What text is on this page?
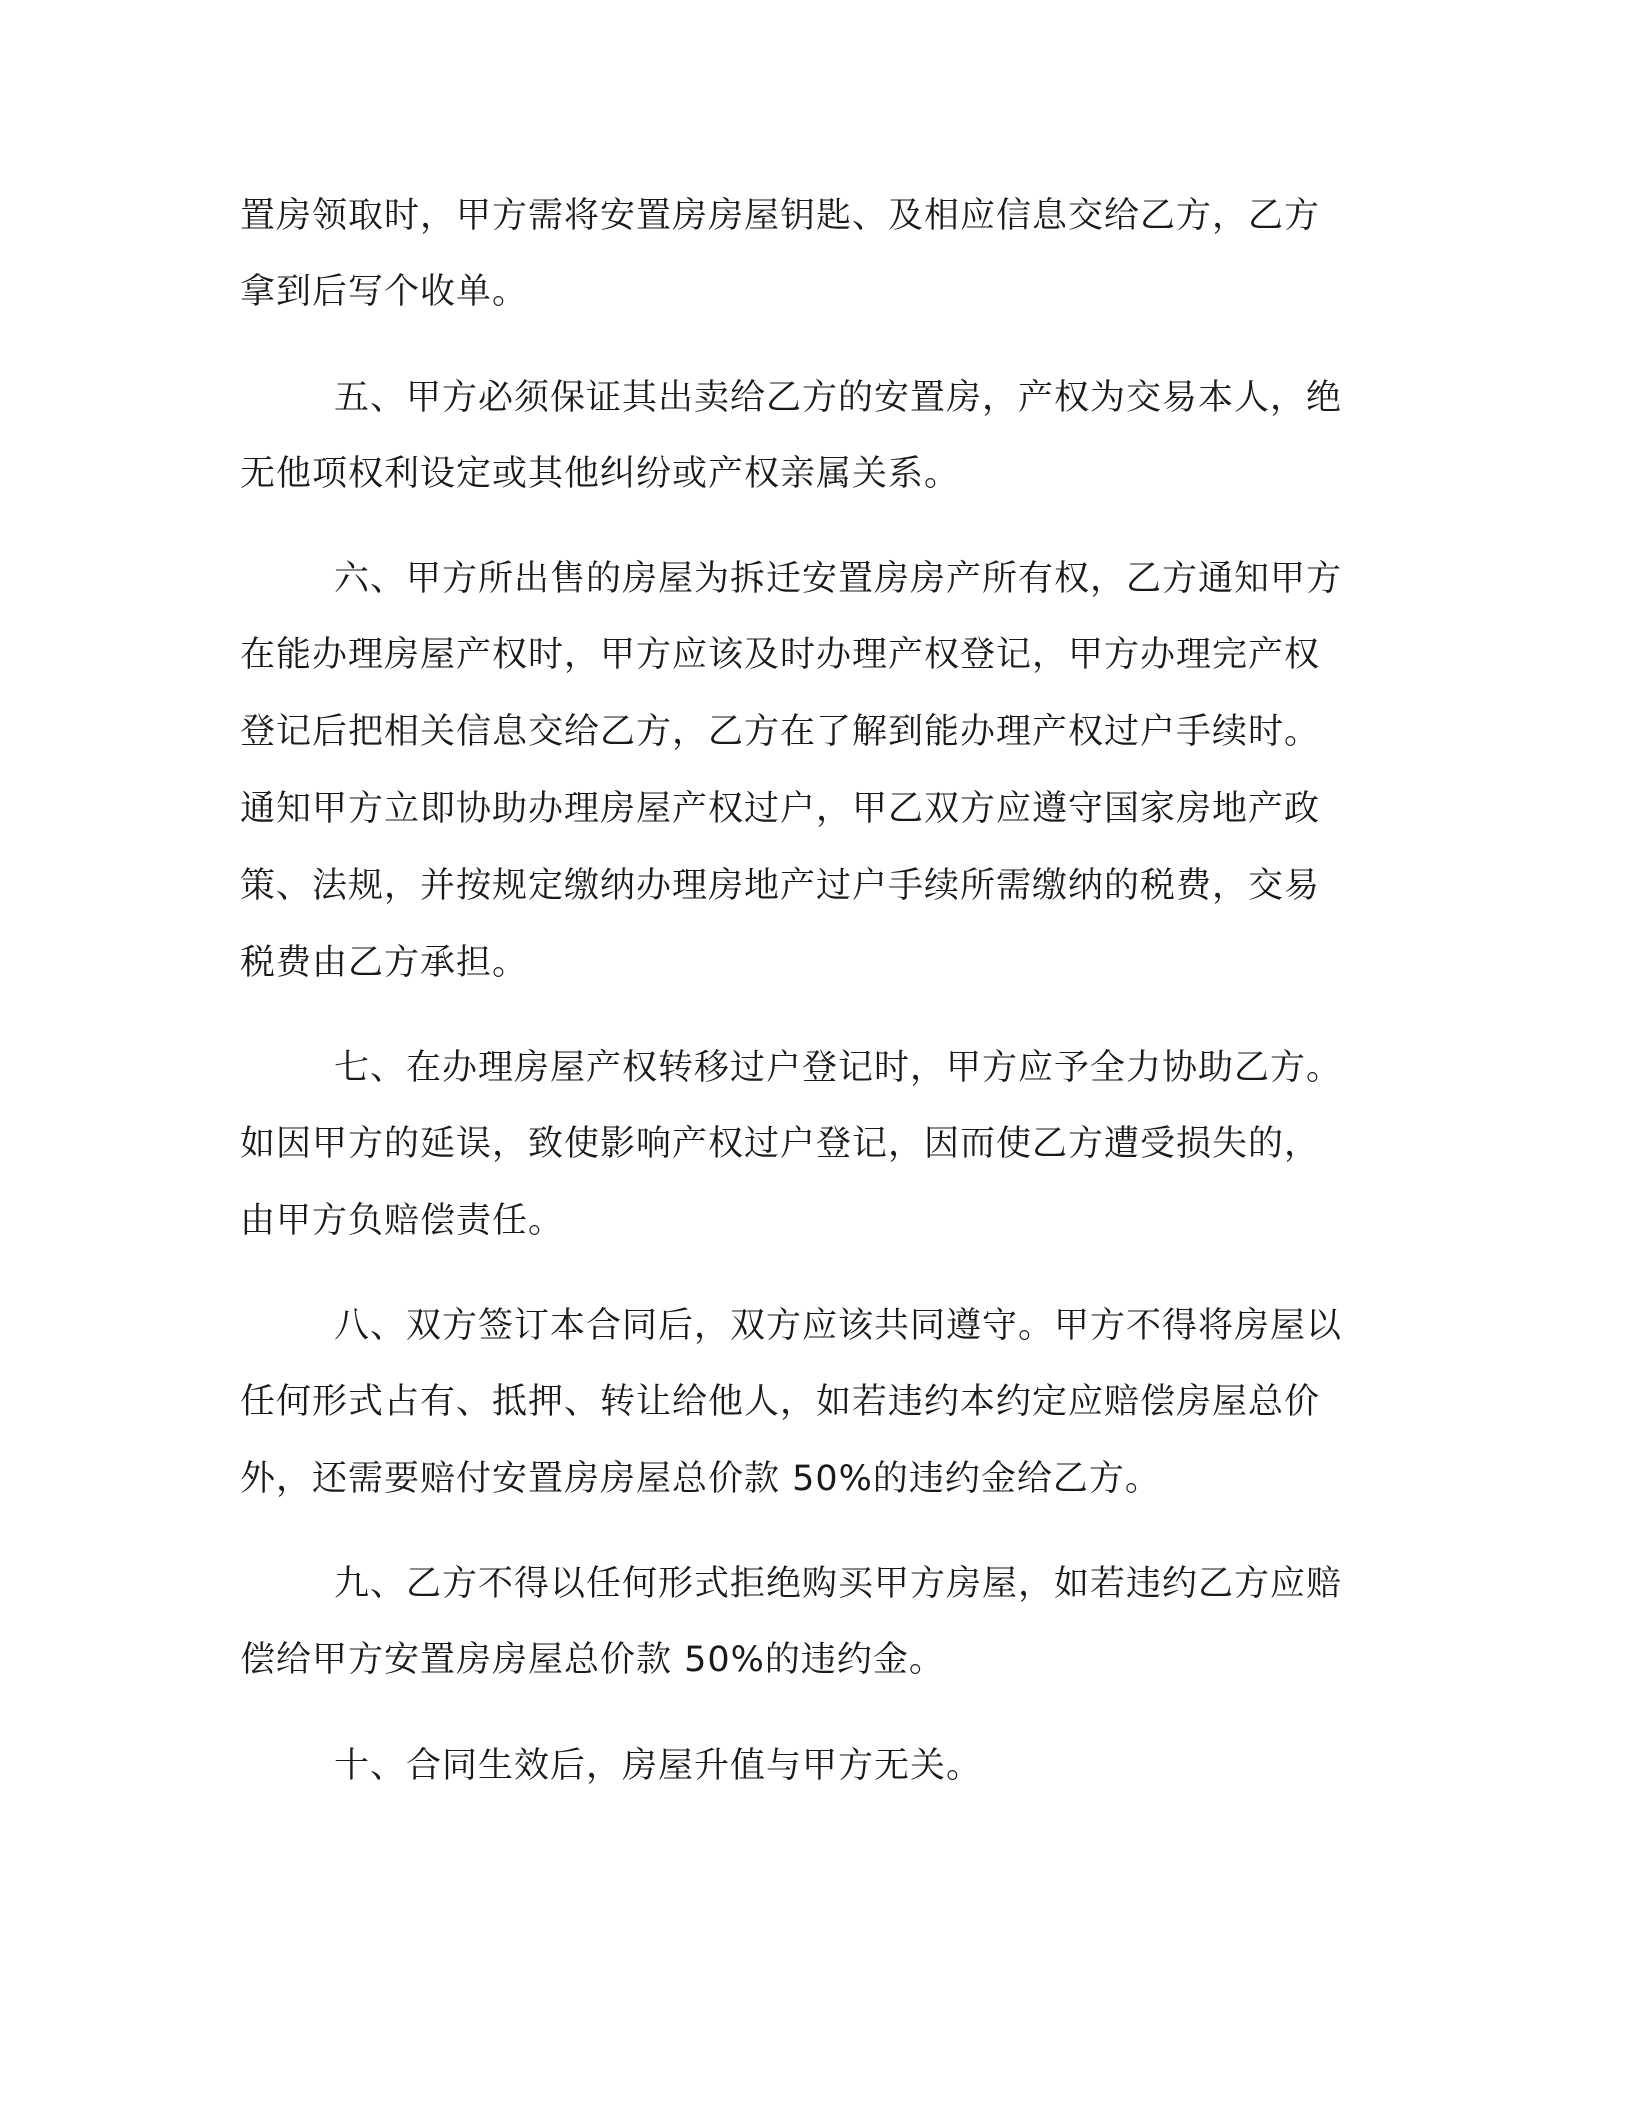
置房领取时，甲方需将安置房房屋钥匙、及相应信息交给乙方，乙方
拿到后写个收单。
五、甲方必须保证其出卖给乙方的安置房，产权为交易本人，绝
无他项权利设定或其他纠纷或产权亲属关系。
六、甲方所出售的房屋为拆迁安置房房产所有权，乙方通知甲方
在能办理房屋产权时，甲方应该及时办理产权登记，甲方办理完产权
登记后把相关信息交给乙方，乙方在了解到能办理产权过户手续时。
通知甲方立即协助办理房屋产权过户，甲乙双方应遵守国家房地产政
策、法规，并按规定缴纳办理房地产过户手续所需缴纳的税费，交易
税费由乙方承担。
七、在办理房屋产权转移过户登记时，甲方应予全力协助乙方。
如因甲方的延误，致使影响产权过户登记，因而使乙方遭受损失的，
由甲方负赔偿责任。
八、双方签订本合同后，双方应该共同遵守。甲方不得将房屋以
任何形式占有、抵押、转让给他人，如若违约本约定应赔偿房屋总价
外，还需要赔付安置房房屋总价款 50%的违约金给乙方。
九、乙方不得以任何形式拒绝购买甲方房屋，如若违约乙方应赔
偿给甲方安置房房屋总价款 50%的违约金。
十、合同生效后，房屋升值与甲方无关。
